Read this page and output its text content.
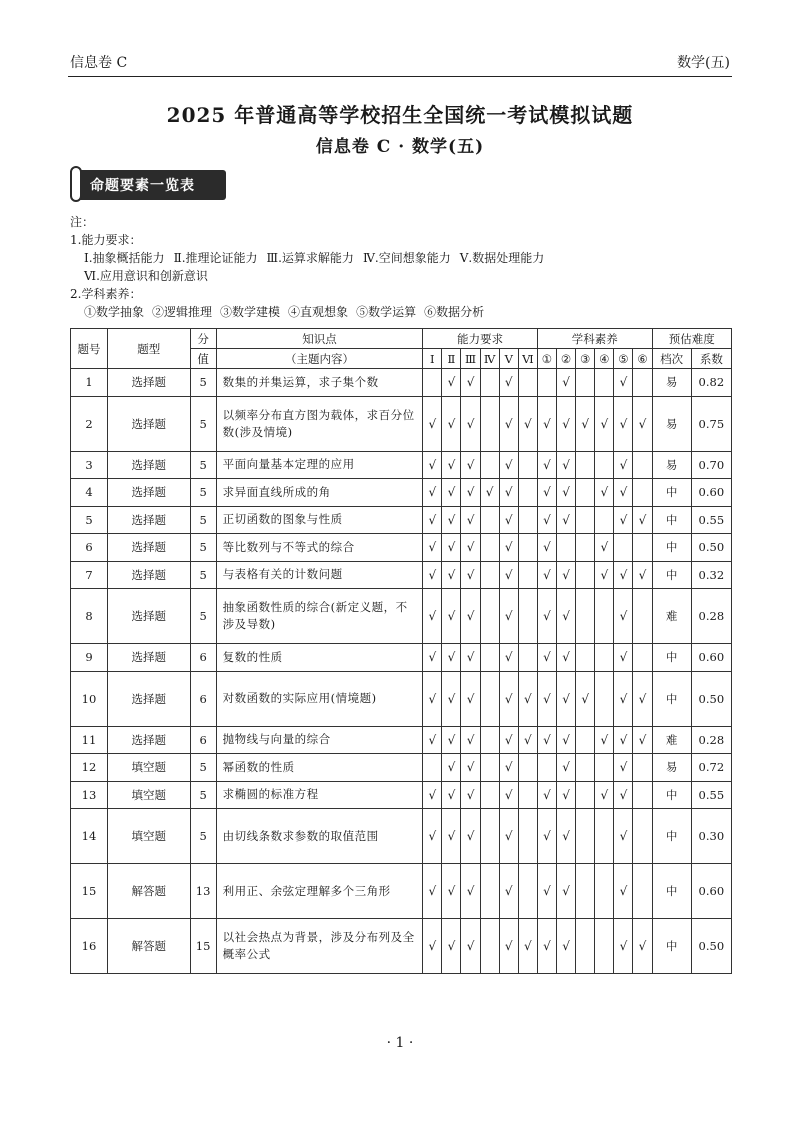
信息卷 C	数学(五)
2025 年普通高等学校招生全国统一考试模拟试题
信息卷 C · 数学(五)
命题要素一览表
注：
1.能力要求：
Ⅰ.抽象概括能力 Ⅱ.推理论证能力 Ⅲ.运算求解能力 Ⅳ.空间想象能力 Ⅴ.数据处理能力
Ⅵ.应用意识和创新意识
2.学科素养：
①数学抽象 ②逻辑推理 ③数学建模 ④直观想象 ⑤数学运算 ⑥数据分析
题号	题型	分	知识点	能力要求						学科素养						预估难度	
		值	（主题内容）	Ⅰ	Ⅱ	Ⅲ	Ⅳ	Ⅴ	Ⅵ	①	②	③	④	⑤	⑥	档次	系数
1	选择题	5	数集的并集运算，求子集个数		√	√		√			√			√		易	0.82
2	选择题	5	以频率分布直方图为载体，求百分位数(涉及情境)	√	√	√		√	√	√	√	√	√	√	√	易	0.75
3	选择题	5	平面向量基本定理的应用	√	√	√		√		√	√			√		易	0.70
4	选择题	5	求异面直线所成的角	√	√	√	√	√		√	√		√	√		中	0.60
5	选择题	5	正切函数的图象与性质	√	√	√		√		√	√			√	√	中	0.55
6	选择题	5	等比数列与不等式的综合	√	√	√		√		√			√			中	0.50
7	选择题	5	与表格有关的计数问题	√	√	√		√		√	√		√	√	√	中	0.32
8	选择题	5	抽象函数性质的综合(新定义题，不涉及导数)	√	√	√		√		√	√			√		难	0.28
9	选择题	6	复数的性质	√	√	√		√		√	√			√		中	0.60
10	选择题	6	对数函数的实际应用(情境题)	√	√	√		√	√	√	√	√		√	√	中	0.50
11	选择题	6	抛物线与向量的综合	√	√	√		√	√	√	√		√	√	√	难	0.28
12	填空题	5	幂函数的性质		√	√		√			√			√		易	0.72
13	填空题	5	求椭圆的标准方程	√	√	√		√		√	√		√	√		中	0.55
14	填空题	5	由切线条数求参数的取值范围	√	√	√		√		√	√			√		中	0.30
15	解答题	13	利用正、余弦定理解多个三角形	√	√	√		√		√	√			√		中	0.60
16	解答题	15	以社会热点为背景，涉及分布列及全概率公式	√	√	√		√	√	√	√			√	√	中	0.50
· 1 ·
